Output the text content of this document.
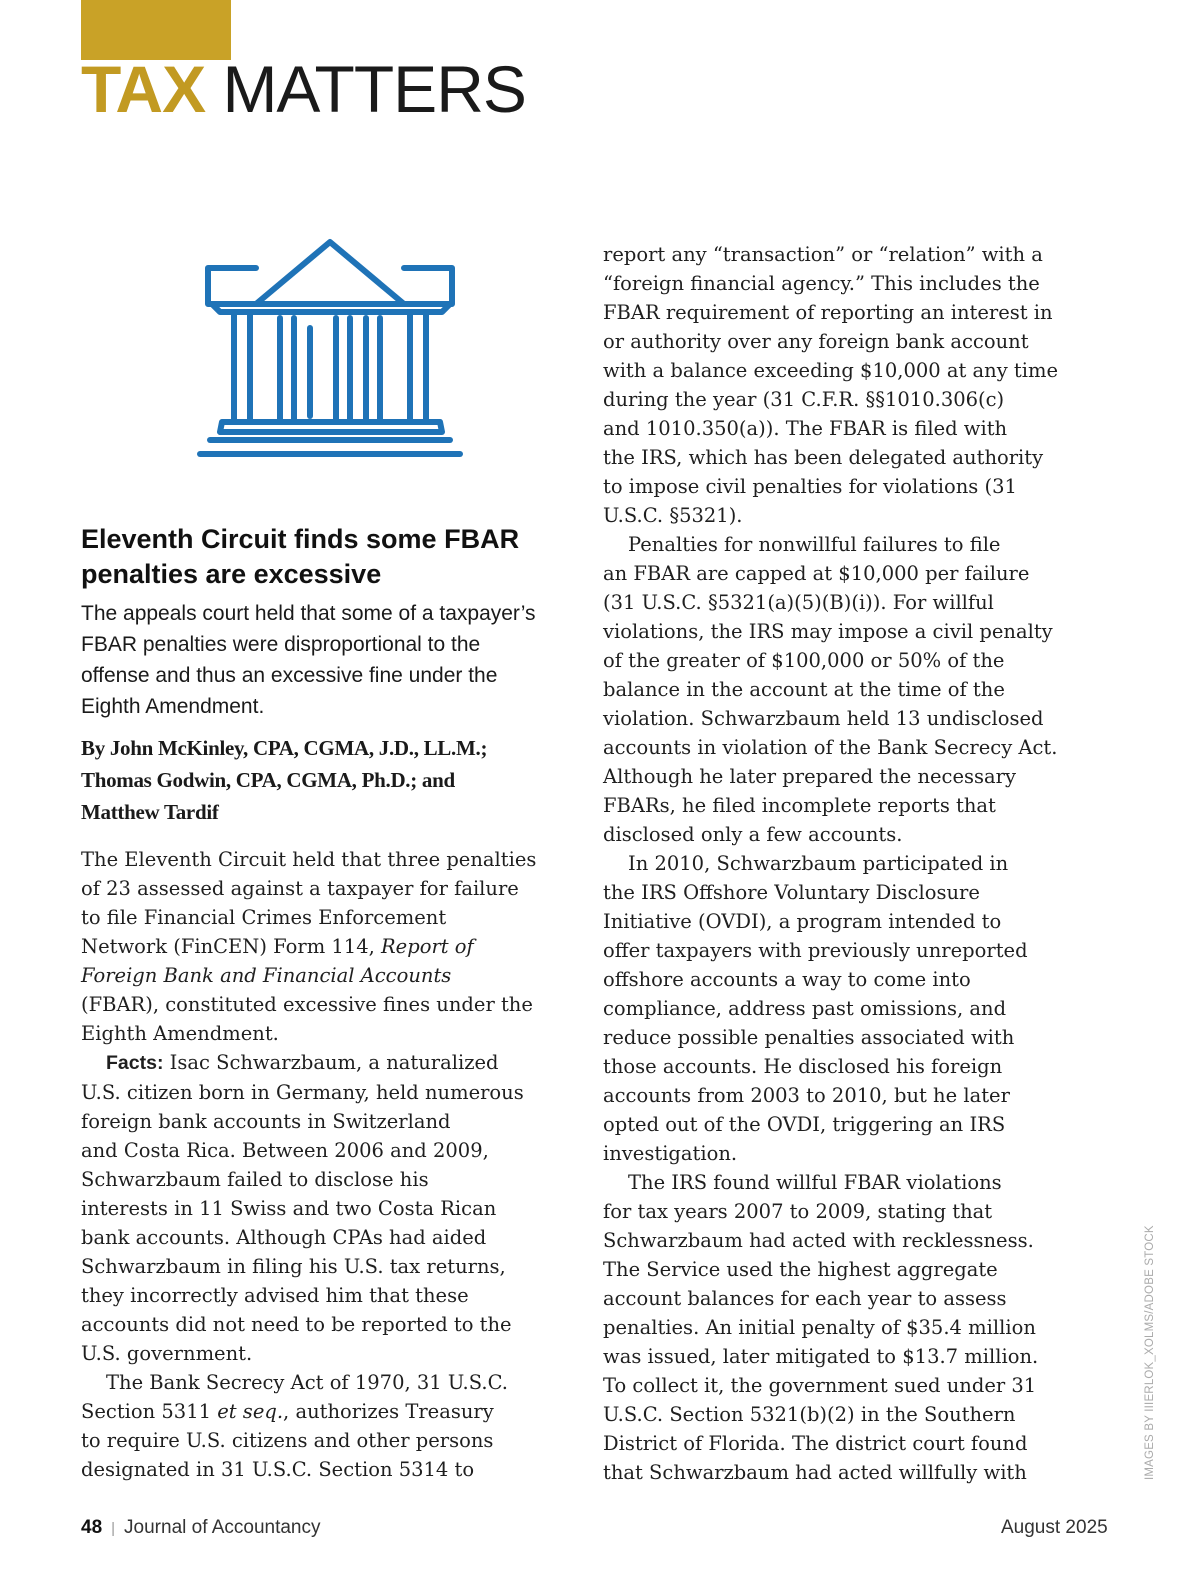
TAX MATTERS
Eleventh Circuit finds some FBAR
penalties are excessive

The appeals court held that some of a taxpayer’s
FBAR penalties were disproportional to the
offense and thus an excessive fine under the
Eighth Amendment.

By John McKinley, CPA, CGMA, J.D., LL.M.;
Thomas Godwin, CPA, CGMA, Ph.D.; and
Matthew Tardif

The Eleventh Circuit held that three penalties
of 23 assessed against a taxpayer for failure
to file Financial Crimes Enforcement
Network (FinCEN) Form 114, Report of
Foreign Bank and Financial Accounts
(FBAR), constituted excessive fines under the
Eighth Amendment.

Facts: Isac Schwarzbaum, a naturalized
U.S. citizen born in Germany, held numerous
foreign bank accounts in Switzerland
and Costa Rica. Between 2006 and 2009,
Schwarzbaum failed to disclose his
interests in 11 Swiss and two Costa Rican
bank accounts. Although CPAs had aided
Schwarzbaum in filing his U.S. tax returns,
they incorrectly advised him that these
accounts did not need to be reported to the
U.S. government.

The Bank Secrecy Act of 1970, 31 U.S.C.
Section 5311 et seq., authorizes Treasury
to require U.S. citizens and other persons
designated in 31 U.S.C. Section 5314 to

report any “transaction” or “relation” with a
“foreign financial agency.” This includes the
FBAR requirement of reporting an interest in
or authority over any foreign bank account
with a balance exceeding $10,000 at any time
during the year (31 C.F.R. §§1010.306(c)
and 1010.350(a)). The FBAR is filed with
the IRS, which has been delegated authority
to impose civil penalties for violations (31
U.S.C. §5321).

Penalties for nonwillful failures to file
an FBAR are capped at $10,000 per failure
(31 U.S.C. §5321(a)(5)(B)(i)). For willful
violations, the IRS may impose a civil penalty
of the greater of $100,000 or 50% of the
balance in the account at the time of the
violation. Schwarzbaum held 13 undisclosed
accounts in violation of the Bank Secrecy Act.
Although he later prepared the necessary
FBARs, he filed incomplete reports that
disclosed only a few accounts.

In 2010, Schwarzbaum participated in
the IRS Offshore Voluntary Disclosure
Initiative (OVDI), a program intended to
offer taxpayers with previously unreported
offshore accounts a way to come into
compliance, address past omissions, and
reduce possible penalties associated with
those accounts. He disclosed his foreign
accounts from 2003 to 2010, but he later
opted out of the OVDI, triggering an IRS
investigation.

The IRS found willful FBAR violations
for tax years 2007 to 2009, stating that
Schwarzbaum had acted with recklessness.
The Service used the highest aggregate
account balances for each year to assess
penalties. An initial penalty of $35.4 million
was issued, later mitigated to $13.7 million.
To collect it, the government sued under 31
U.S.C. Section 5321(b)(2) in the Southern
District of Florida. The district court found
that Schwarzbaum had acted willfully with	IMAGES BY IIIERLOK_XOLMS/ADOBE STOCK
48 | Journal of Accountancy	August 2025
